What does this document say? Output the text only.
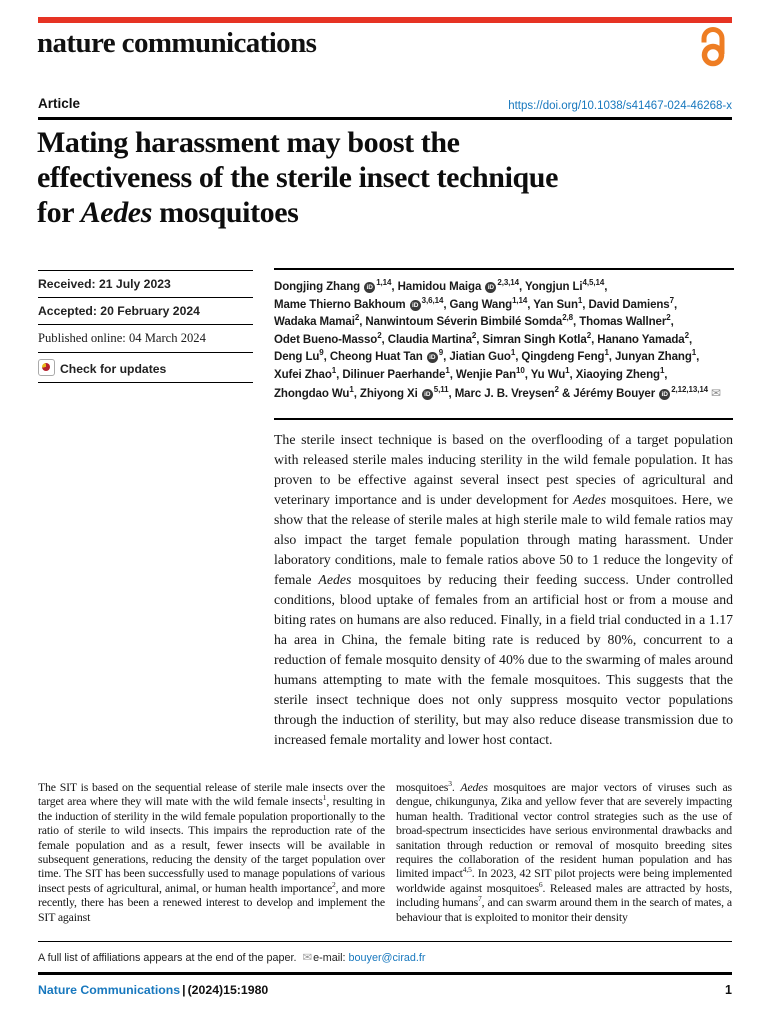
nature communications
Article	https://doi.org/10.1038/s41467-024-46268-x
Mating harassment may boost the
effectiveness of the sterile insect technique
for Aedes mosquitoes
Received: 21 July 2023
Accepted: 20 February 2024
Published online: 04 March 2024
Check for updates
Dongjing Zhang iD$^{1,14}$, Hamidou Maiga iD$^{2,3,14}$, Yongjun Li$^{4,5,14}$,
Mame Thierno Bakhoum iD$^{3,6,14}$, Gang Wang$^{1,14}$, Yan Sun$^1$, David Damiens$^7$,
Wadaka Mamai$^2$, Nanwintoum Séverin Bimbilé Somda$^{2,8}$, Thomas Wallner$^2$,
Odet Bueno-Masso$^2$, Claudia Martina$^2$, Simran Singh Kotla$^2$, Hanano Yamada$^2$,
Deng Lu$^9$, Cheong Huat Tan $iD^9$, Jiatian Guo$^1$, Qingdeng Feng$^1$, Junyan Zhang$^1$,
Xufei Zhao$^1$, Dilinuer Paerhande$^1$, Wenjie Pan$^{10}$, Yu Wu$^1$, Xiaoying Zheng$^1$,
Zhongdao Wu$^1$, Zhiyong Xi iD$^{5,11}$, Marc J. B. Vreysen$^2$ & Jérémy Bouyer iD$^{2,12,13,14}$ ✉
The sterile insect technique is based on the overflooding of a target population with released sterile males inducing sterility in the wild female population. It has proven to be effective against several insect pest species of agricultural and veterinary importance and is under development for Aedes mosquitoes. Here, we show that the release of sterile males at high sterile male to wild female ratios may also impact the target female population through mating harassment. Under laboratory conditions, male to female ratios above 50 to 1 reduce the longevity of female Aedes mosquitoes by reducing their feeding success. Under controlled conditions, blood uptake of females from an artificial host or from a mouse and biting rates on humans are also reduced. Finally, in a field trial conducted in a 1.17 ha area in China, the female biting rate is reduced by 80%, concurrent to a reduction of female mosquito density of 40% due to the swarming of males around humans attempting to mate with the female mosquitoes. This suggests that the sterile insect technique does not only suppress mosquito vector populations through the induction of sterility, but may also reduce disease transmission due to increased female mortality and lower host contact.
The SIT is based on the sequential release of sterile male insects over the target area where they will mate with the wild female insects$^1$, resulting in the induction of sterility in the wild female population proportionally to the ratio of sterile to wild insects. This impairs the reproduction rate of the female population and as a result, fewer insects will be available in subsequent generations, reducing the density of the target population over time. The SIT has been successfully used to manage populations of various insect pests of agricultural, animal, or human health importance$^2$, and more recently, there has been a renewed interest to develop and implement the SIT against
mosquitoes$^3$. Aedes mosquitoes are major vectors of viruses such as dengue, chikungunya, Zika and yellow fever that are severely impacting human health. Traditional vector control strategies such as the use of broad-spectrum insecticides have serious environmental drawbacks and sanitation through reduction or removal of mosquito breeding sites requires the collaboration of the resident human population and has limited impact$^{4,5}$. In 2023, 42 SIT pilot projects were being implemented worldwide against mosquitoes$^6$. Released males are attracted by hosts, including humans$^7$, and can swarm around them in the search of mates, a behaviour that is exploited to monitor their density
A full list of affiliations appears at the end of the paper. ✉e-mail: bouyer@cirad.fr
Nature Communications | (2024)15:1980	1
